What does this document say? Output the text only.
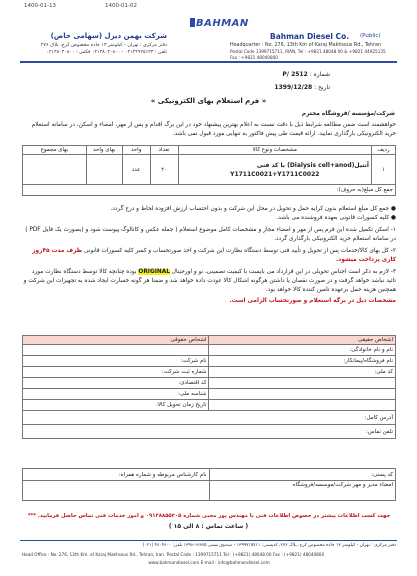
1400-01-13	1400-01-02
BAHMAN
شرکت بهمن دیزل (سهامی خاص)	Bahman Diesel Co. (Public)
دفتر مرکزی : تهران - کیلومتر ۱۳ جاده مخصوص کرج، پلاک ۲۷۶
تلفن : ۰۲۱۴۴۹۲۵۱۳۳ - ۰۲۱۴۸۰۴۰۸۰۰ فکس : ۰۲۱۴۸۰۴۰۸۰۰
Headquarter : No. 276, 13th Km of Karaj Makhsous Rd., Tehran
Postal Code 1399715711, IRAN, Tel : +9821 48048 00 & +9821 44925135
Fax : +9821 48040800
شماره : P/ 2512
تاریخ : 1399/12/28
« فرم استعلام بهای الکترونیکی »
شرکت/مؤسسه /فروشگاه محترم
خواهشمند است ضمن مطالعه شرایط ذیل با دقت نسبت به اعلام بهترین پیشنهاد خود در این برگ اقدام و پس از مهر، امضاء و اسکن، در سامانه استعلام خرید الکترونیکی بارگذاری نمایید. ارائه قیمت طی پیش فاکتور به تنهایی مورد قبول نمی باشد.
بهای مجموع	بهای واحد	واحد	تعداد	مشخصات ونوع کالا	ردیف
		عدد	۲۰	آنتیل(Dialysis cell+anod) با کد فنی
Y1711C0021+Y1711C0022	۱
جمع کل مبلغ(به حروف):					
● جمع کل مبلغ استعلام بدون کرایه حمل و تحویل در محل این شرکت و بدون احتساب ارزش افزوده لحاظ و درج گردد.
● کلیه کسورات قانونی بعهده فروشنده می باشد.
۱- اسکن تکمیل شده این فرم پس از مهر و امضاء مجاز و مشخصات کامل موضوع استعلام ( جمله عکس و کاتالوگ پیوست شود و (بصورت یک فایل PDF ) در سامانه استعلام خرید الکترونیکی بارگذاری گردد.
۲- کل بهای کالا/خدمات پس از تحویل و تأیید فنی توسط دستگاه نظارت این شرکت و اخذ صورتحساب و کسر کلیه کسورات قانونی ظرف مدت ۴۵روز کاری پرداخت میشود.
۳- لازم به ذکر است اجناس تحویلی در این قرارداد می بایست با کیفیت تضمینی، نو و اورجینال ORIGINAL بوده چنانچه کالا توسط دستگاه نظارت مورد تائید نباشد خواهد گرفت و در صورت نقصان یا داشتن هرگونه اشکال کالا عودت داده خواهد شد و ضمنا هر گونه خسارت ایجاد شده به تجهیزات این شرکت و همچنین هزینه حمل برعهده تامین کننده کالا خواهد بود.
مشخصات ذیل در برگه استعلام و صورتحساب الزامی است.
اشخاص حقوقی	اشخاص حقیقی
	نام و نام خانوادگی:
نام شرکت:	نام فروشگاه/پیمانکار:
شماره ثبت شرکت:	کد ملی:
کد اقتصادی:	
شناسه ملی:	
تاریخ زمان تحویل کالا:	
آدرس کامل:	
تلفن تماس:	
نام کارشناس مربوطه و شماره همراه:	کد پستی:
	امضاء مدیر و مهر شرکت/موسسه/فروشگاه
جهت کسب اطلاعات بیشتر در خصوص اطلاعات فنی با مهندس پور محبی شماره ۰۹۱۲۸۸۵۵۲۰۵ و امور خدمات فنی تماس حاصل فرمایید. ***
( ساعت تماس : ۸ الی ۱۵ )
دفتر مرکزی : تهران - کیلومتر ۱۳ جاده مخصوص کرج، پلاک ۲۷۶، کدپستی: ۱۳۹۹۷۱۵۷۱۱ - صندوق پستی ۱۳۸۷۵-۱۳۹۸ تلفن: ۴۸۰۴۸۰۰ (۰۲۱)
Head Office : No. 276, 13th Km. of Karaj Makhsous Rd., Tehran, Iran. Postal Code : 1399715711 Tel : (+9821) 48048 00 Fax : (+9821) 48040800
www.bahmandiesel.com E-mail : info@bahmandiesel.com
